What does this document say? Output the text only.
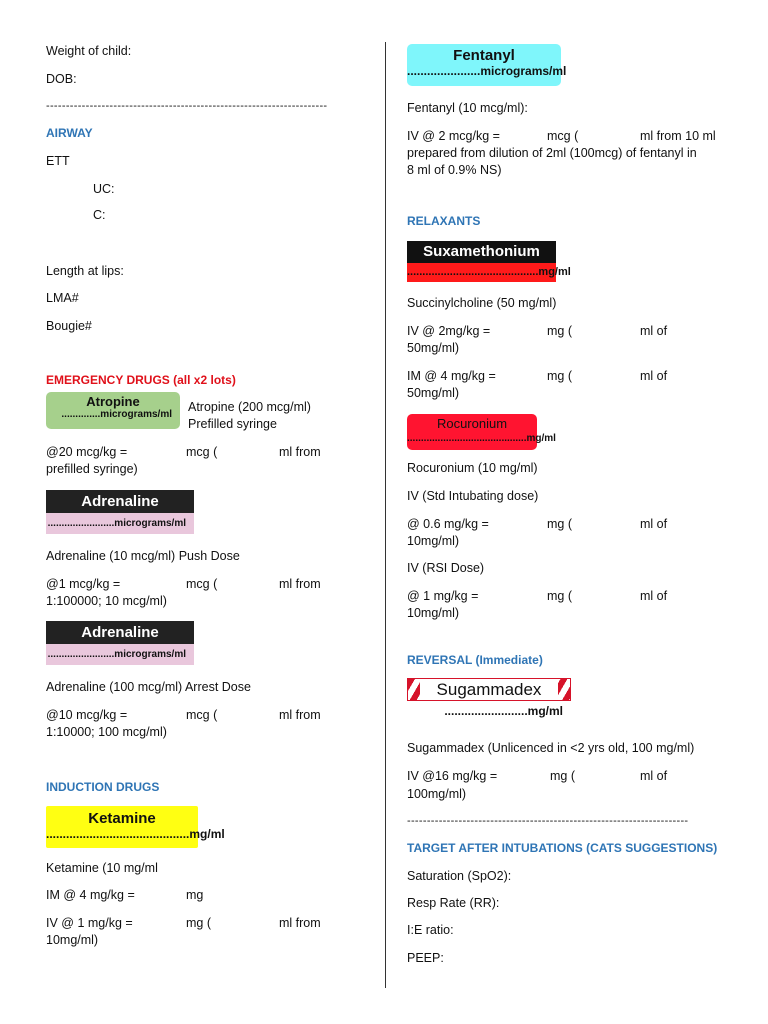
Weight of child:
DOB:
-----------------------------------------------------------------------
AIRWAY
ETT
UC:
C:
Length at lips:
LMA#
Bougie#
EMERGENCY DRUGS (all x2 lots)
Atropine
..............micrograms/ml
Atropine (200 mcg/ml)
Prefilled syringe
@20 mcg/kg =	mcg (	ml from
prefilled syringe)
Adrenaline
........................micrograms/ml
Adrenaline (10 mcg/ml) Push Dose
@1 mcg/kg =	mcg (	ml from
1:100000; 10 mcg/ml)
Adrenaline
........................micrograms/ml
Adrenaline (100 mcg/ml) Arrest Dose
@10 mcg/kg =	mcg (	ml from
1:10000; 100 mcg/ml)
INDUCTION DRUGS
Ketamine
...........................................mg/ml
Ketamine (10 mg/ml
IM @ 4 mg/kg =	mg
IV @ 1 mg/kg =	mg (	ml from
10mg/ml)
Fentanyl
......................micrograms/ml
Fentanyl (10 mcg/ml):
IV @ 2 mcg/kg =	mcg (	ml from 10 ml
prepared from dilution of 2ml (100mcg) of fentanyl in
8 ml of 0.9% NS)
RELAXANTS
Suxamethonium
...........................................mg/ml
Succinylcholine (50 mg/ml)
IV @ 2mg/kg =	mg (	ml of
50mg/ml)
IM @ 4 mg/kg =	mg (	ml of
50mg/ml)
Rocuronium
...........................................mg/ml
Rocuronium (10 mg/ml)
IV (Std Intubating dose)
@ 0.6 mg/kg =	mg (	ml of
10mg/ml)
IV (RSI Dose)
@ 1 mg/kg =	mg (	ml of
10mg/ml)
REVERSAL (Immediate)
Sugammadex
.........................mg/ml
Sugammadex (Unlicenced in <2 yrs old, 100 mg/ml)
IV @16 mg/kg =	mg (	ml of
100mg/ml)
-----------------------------------------------------------------------
TARGET AFTER INTUBATIONS (CATS SUGGESTIONS)
Saturation (SpO2):
Resp Rate (RR):
I:E ratio:
PEEP:
